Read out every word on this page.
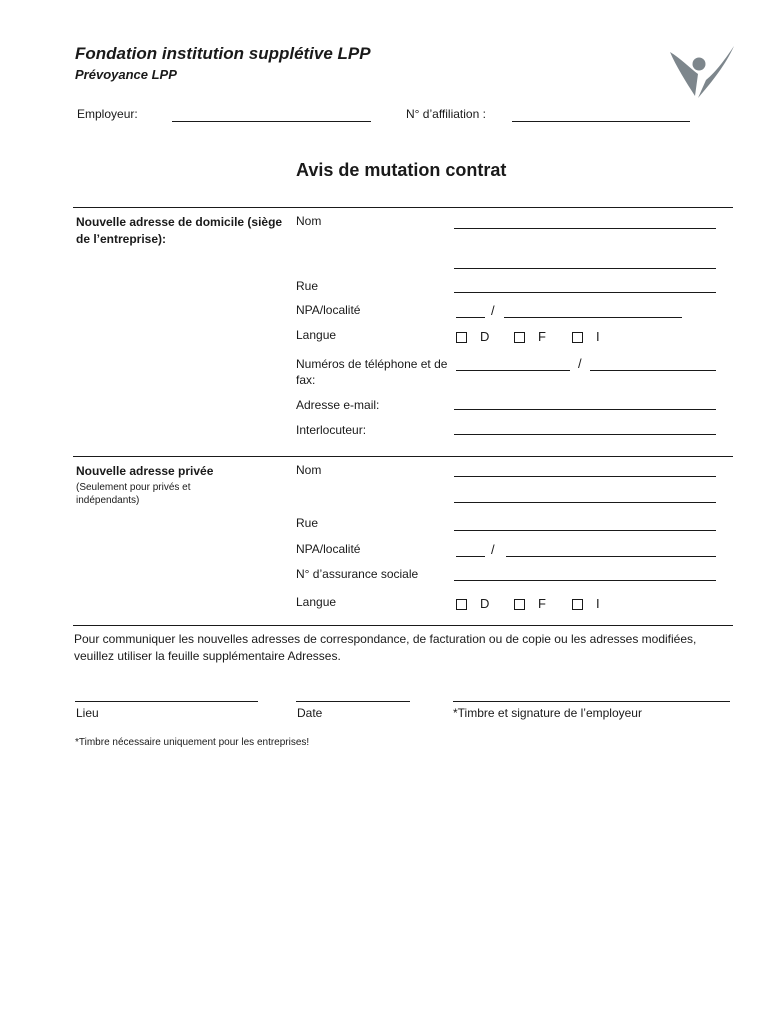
Fondation institution supplétive LPP
Prévoyance LPP
Employeur:	N° d’affiliation :
Avis de mutation contrat
Nouvelle adresse de domicile (siège de l’entreprise):
Nom
Rue
NPA/localité	/
Langue	D	F	I
Numéros de téléphone et de fax:
/
Adresse e-mail:
Interlocuteur:
Nouvelle adresse privée
(Seulement pour privés et indépendants)
Nom
Rue
NPA/localité	/
N° d’assurance sociale
Langue	D	F	I
Pour communiquer les nouvelles adresses de correspondance, de facturation ou de copie ou les adresses modifiées, veuillez utiliser la feuille supplémentaire Adresses.
Lieu	Date	*Timbre et signature de l’employeur
*Timbre nécessaire uniquement pour les entreprises!
